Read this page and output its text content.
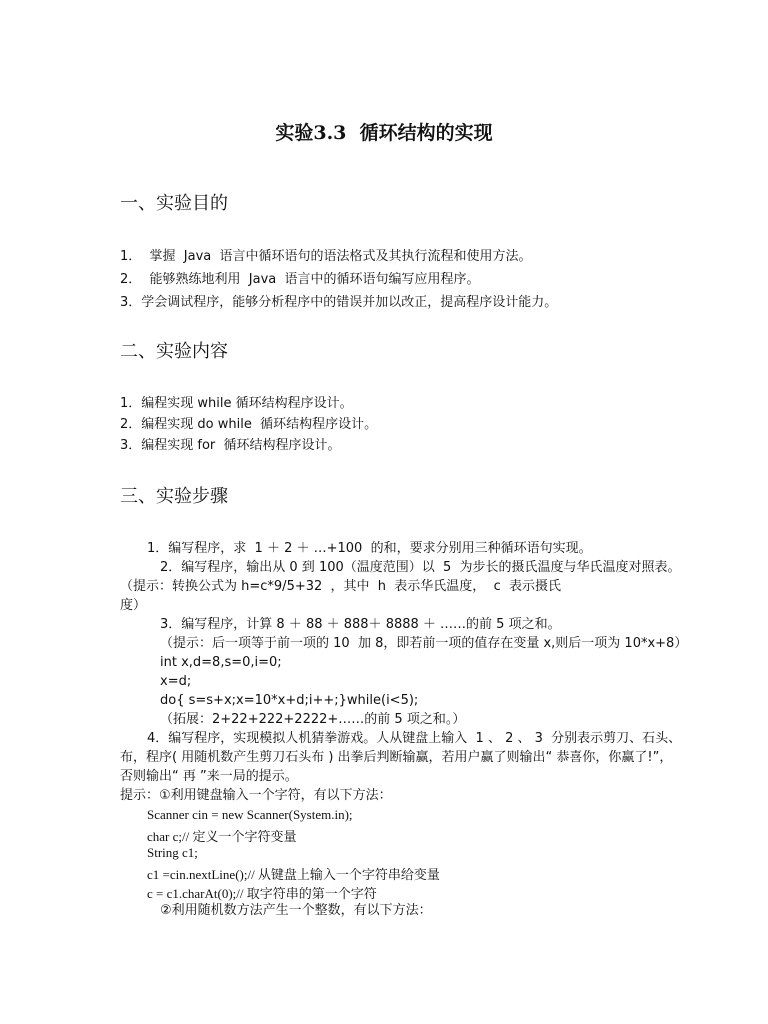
实验3.3  循环结构的实现
一、实验目的
1．  掌握  Java  语言中循环语句的语法格式及其执行流程和使用方法。
2．  能够熟练地利用  Java  语言中的循环语句编写应用程序。
3．学会调试程序，能够分析程序中的错误并加以改正，提高程序设计能力。
二、实验内容
1．编程实现 while 循环结构程序设计。
2．编程实现 do while  循环结构程序设计。
3．编程实现 for  循环结构程序设计。
三、实验步骤
1．编写程序，求  1 ＋ 2 ＋ …+100  的和，要求分别用三种循环语句实现。
2．编写程序，输出从 0 到 100（温度范围）以  5  为步长的摄氏温度与华氏温度对照表。
（提示：转换公式为 h=c*9/5+32  ，其中  h  表示华氏温度，  c  表示摄氏
度）
3．编写程序，计算 8 ＋ 88 ＋ 888＋ 8888 ＋ ……的前 5 项之和。
（提示：后一项等于前一项的 10  加 8，即若前一项的值存在变量 x,则后一项为 10*x+8）
int x,d=8,s=0,i=0;
x=d;
do{ s=s+x;x=10*x+d;i++;}while(i<5);
（拓展：2+22+222+2222+……的前 5 项之和。）
4．编写程序，实现模拟人机猜拳游戏。人从键盘上输入  1 、 2 、 3  分别表示剪刀、石头、
布，程序( 用随机数产生剪刀石头布 ) 出拳后判断输赢，若用户赢了则输出“ 恭喜你，你赢了!”，
否则输出“ 再 ”来一局的提示。
提示：①利用键盘输入一个字符，有以下方法：
Scanner cin = new Scanner(System.in);
char c;// 定义一个字符变量
String c1;
c1 =cin.nextLine();// 从键盘上输入一个字符串给变量
c = c1.charAt(0);// 取字符串的第一个字符
②利用随机数方法产生一个整数，有以下方法：
